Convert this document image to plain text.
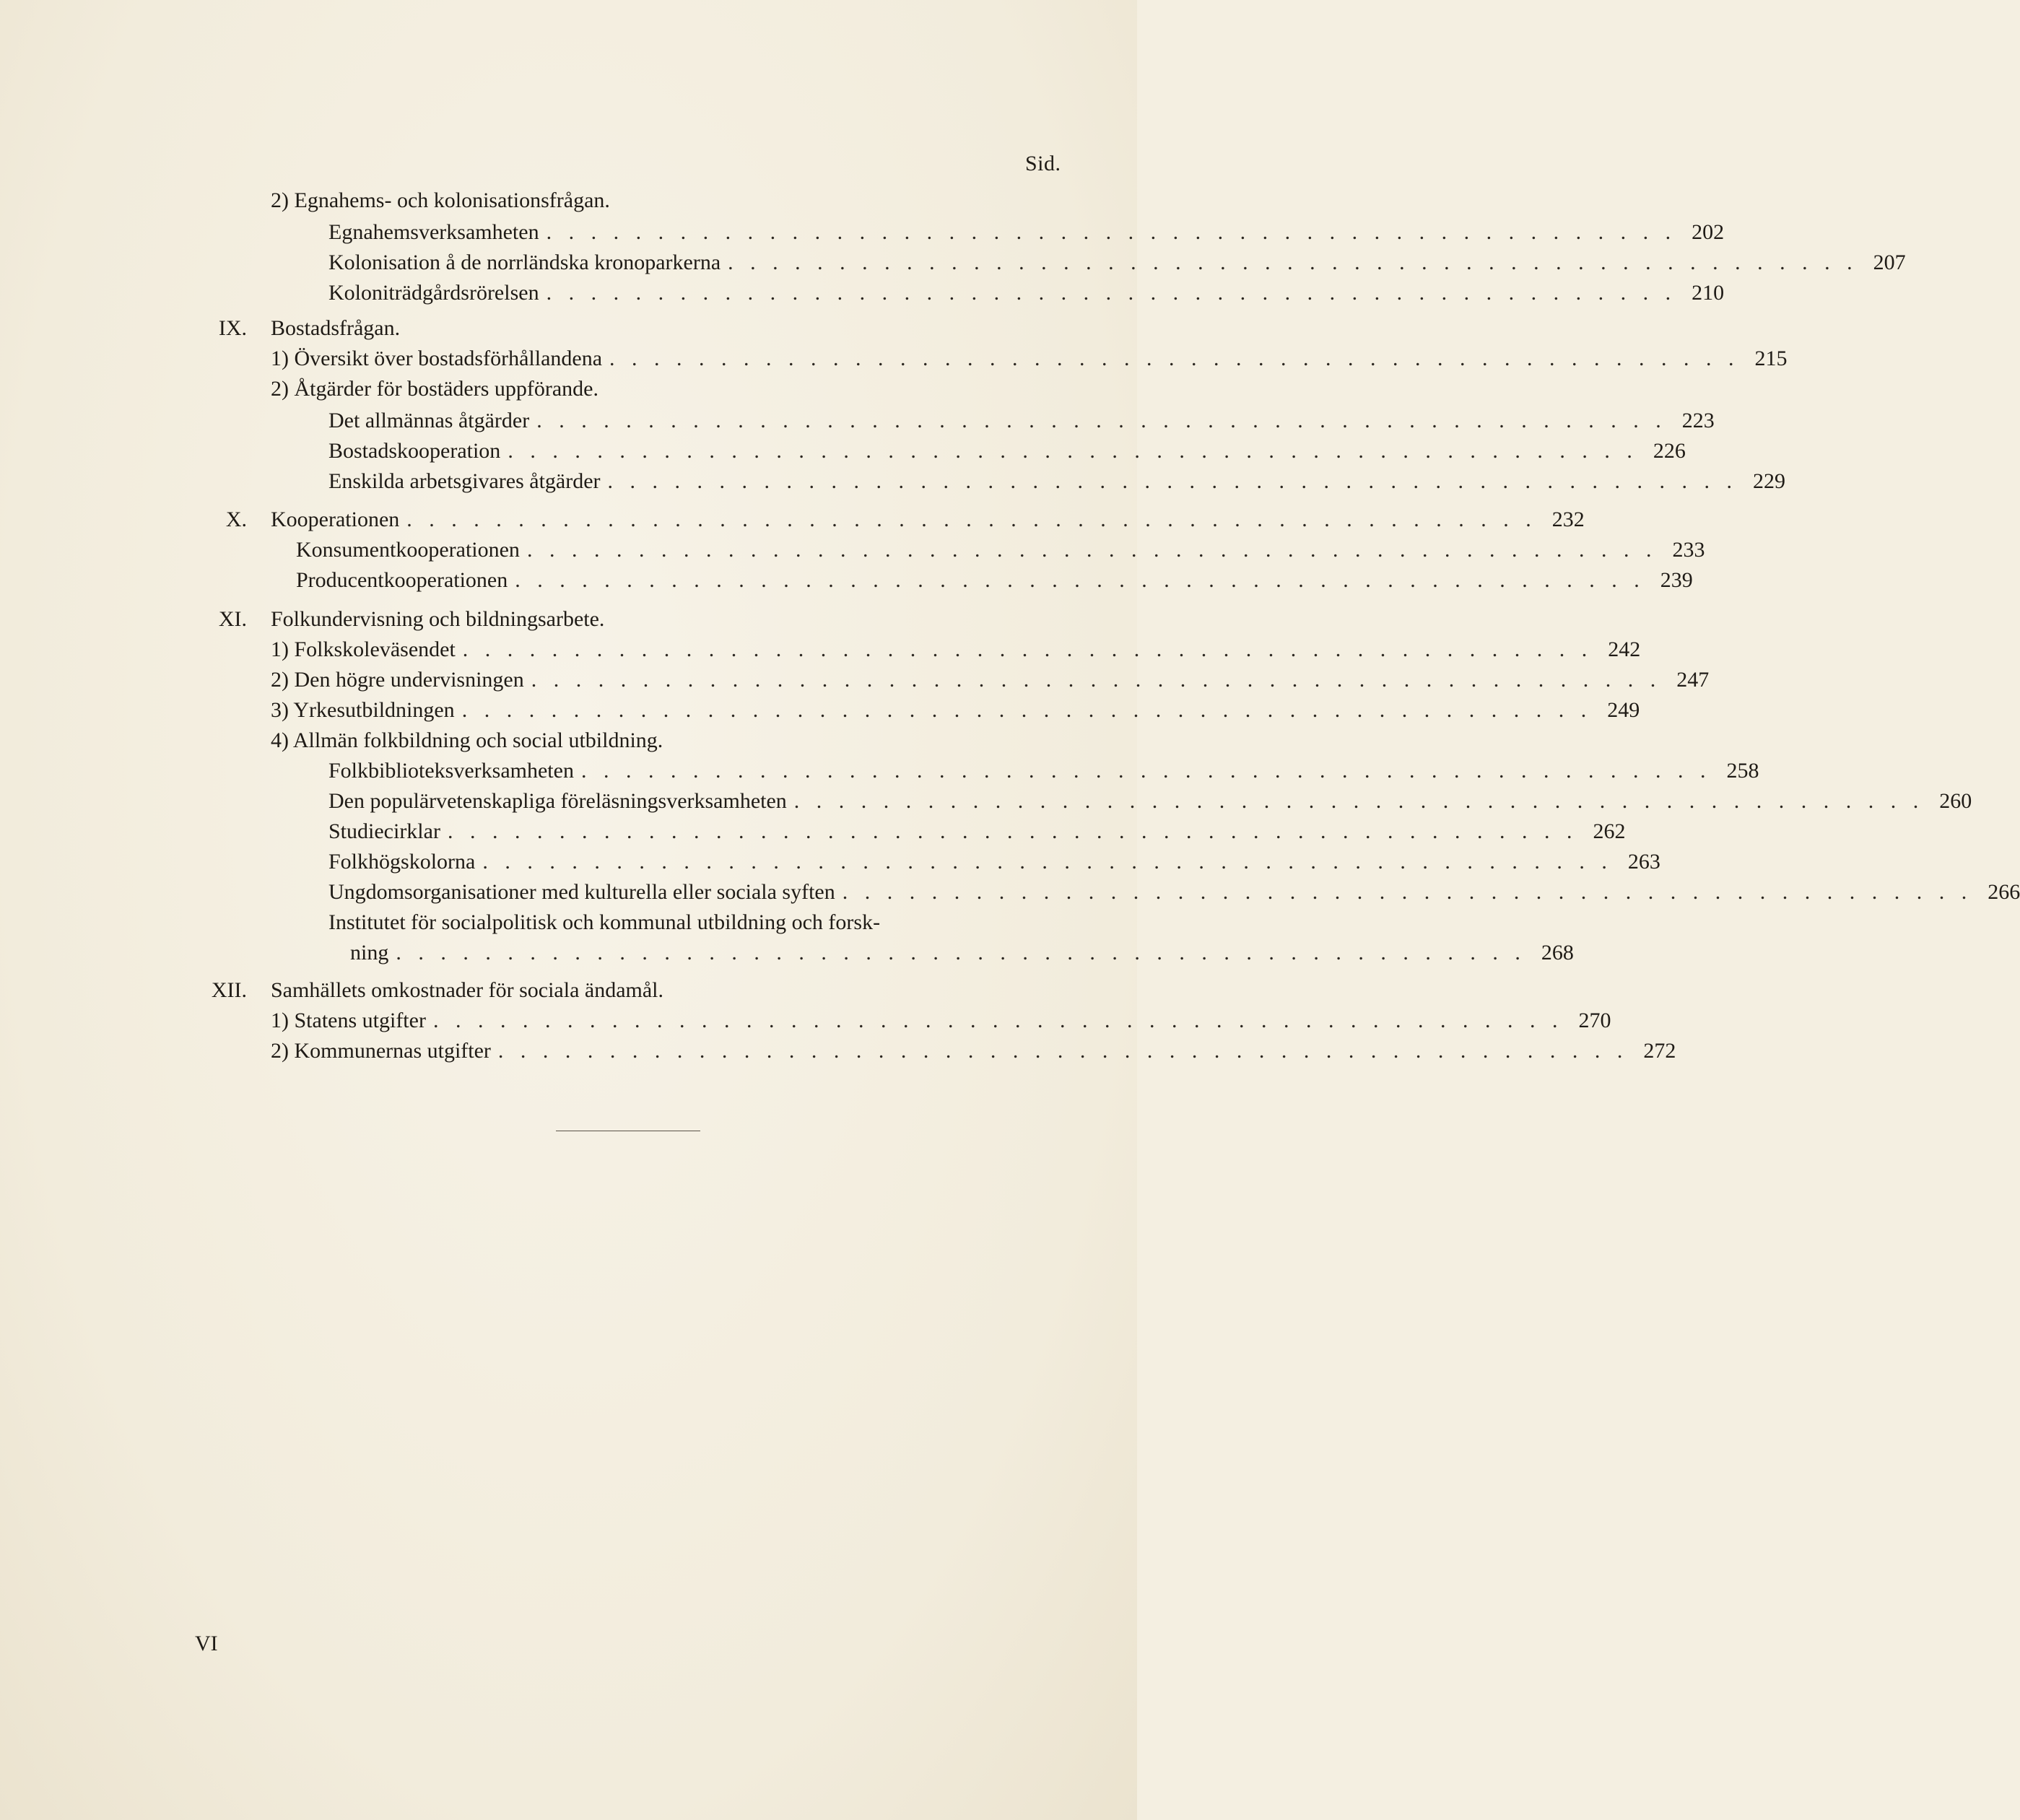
Sid.
2) Egnahems- och kolonisationsfrågan.
Egnahemsverksamheten . . . . . . . . . . . . . . . . . . . . . . . . . . . . . . . . . . . . . . . . . . . . . . . . . . . 202
Kolonisation å de norrländska kronoparkerna . . . . . . . . . . . . . . . . . . . . . . . . . . . . . . . . . . . . . . . . . . . . . . . . . . . 207
Koloniträdgårdsrörelsen . . . . . . . . . . . . . . . . . . . . . . . . . . . . . . . . . . . . . . . . . . . . . . . . . . . 210
IX. Bostadsfrågan.
1) Översikt över bostadsförhållandena . . . . . . . . . . . . . . . . . . . . . . . . . . . . . . . . . . . . . . . . . . . . . . . . . . . 215
2) Åtgärder för bostäders uppförande.
Det allmännas åtgärder . . . . . . . . . . . . . . . . . . . . . . . . . . . . . . . . . . . . . . . . . . . . . . . . . . . 223
Bostadskooperation . . . . . . . . . . . . . . . . . . . . . . . . . . . . . . . . . . . . . . . . . . . . . . . . . . . 226
Enskilda arbetsgivares åtgärder . . . . . . . . . . . . . . . . . . . . . . . . . . . . . . . . . . . . . . . . . . . . . . . . . . . 229
X. Kooperationen . . . . . . . . . . . . . . . . . . . . . . . . . . . . . . . . . . . . . . . . . . . . . . . . . . . 232
Konsumentkooperationen . . . . . . . . . . . . . . . . . . . . . . . . . . . . . . . . . . . . . . . . . . . . . . . . . . . 233
Producentkooperationen . . . . . . . . . . . . . . . . . . . . . . . . . . . . . . . . . . . . . . . . . . . . . . . . . . . 239
XI. Folkundervisning och bildningsarbete.
1) Folkskoleväsendet . . . . . . . . . . . . . . . . . . . . . . . . . . . . . . . . . . . . . . . . . . . . . . . . . . . 242
2) Den högre undervisningen . . . . . . . . . . . . . . . . . . . . . . . . . . . . . . . . . . . . . . . . . . . . . . . . . . . 247
3) Yrkesutbildningen . . . . . . . . . . . . . . . . . . . . . . . . . . . . . . . . . . . . . . . . . . . . . . . . . . . 249
4) Allmän folkbildning och social utbildning.
Folkbiblioteksverksamheten . . . . . . . . . . . . . . . . . . . . . . . . . . . . . . . . . . . . . . . . . . . . . . . . . . . 258
Den populärvetenskapliga föreläsningsverksamheten . . . . . . . . . . . . . . . . . . . . . . . . . . . . . . . . . . . . . . . . . . . . . . . . . . . 260
Studiecirklar . . . . . . . . . . . . . . . . . . . . . . . . . . . . . . . . . . . . . . . . . . . . . . . . . . . 262
Folkhögskolorna . . . . . . . . . . . . . . . . . . . . . . . . . . . . . . . . . . . . . . . . . . . . . . . . . . . 263
Ungdomsorganisationer med kulturella eller sociala syften . . . . . . . . . . . . . . . . . . . . . . . . . . . . . . . . . . . . . . . . . . . . . . . . . . . 266
Institutet för socialpolitisk och kommunal utbildning och forsk-
ning . . . . . . . . . . . . . . . . . . . . . . . . . . . . . . . . . . . . . . . . . . . . . . . . . . . 268
XII. Samhällets omkostnader för sociala ändamål.
1) Statens utgifter . . . . . . . . . . . . . . . . . . . . . . . . . . . . . . . . . . . . . . . . . . . . . . . . . . . 270
2) Kommunernas utgifter . . . . . . . . . . . . . . . . . . . . . . . . . . . . . . . . . . . . . . . . . . . . . . . . . . . 272
VI
